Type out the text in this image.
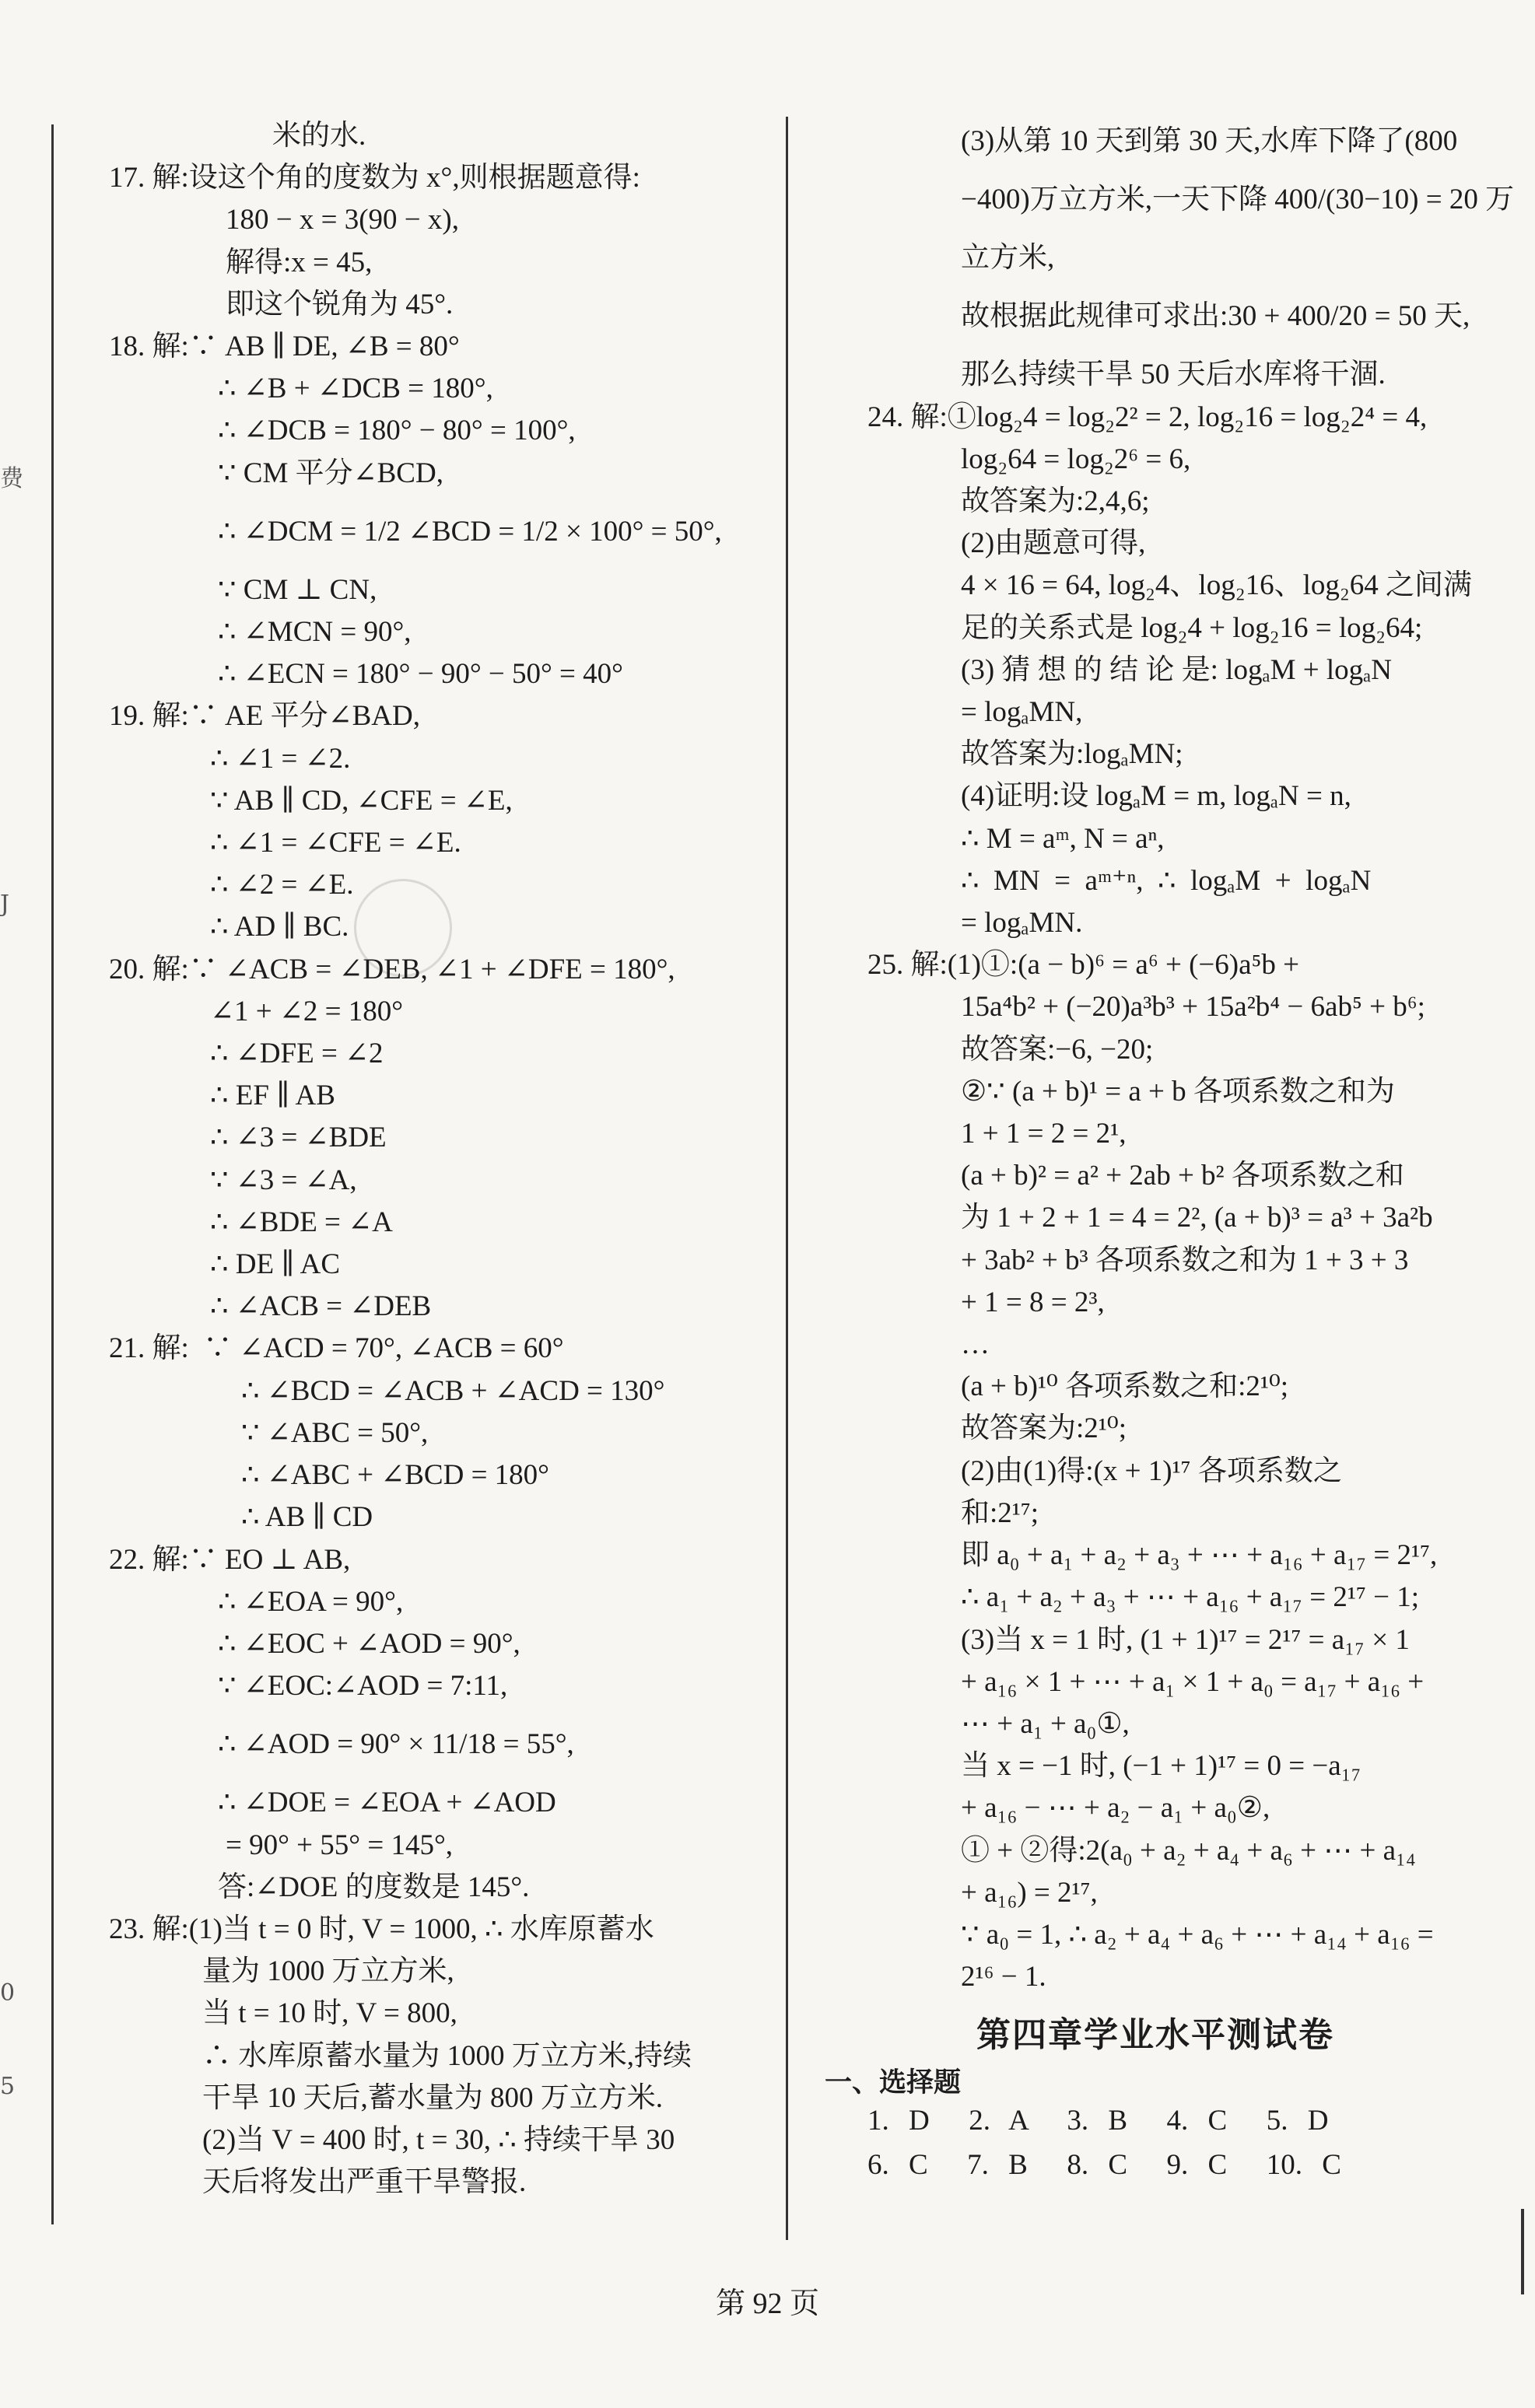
费
J
0
5
米的水.
17. 解:设这个角的度数为 x°,则根据题意得:
180 − x = 3(90 − x),
解得:x = 45,
即这个锐角为 45°.
18. 解:∵ AB ∥ DE, ∠B = 80°
∴ ∠B + ∠DCB = 180°,
∴ ∠DCB = 180° − 80° = 100°,
∵ CM 平分∠BCD,
∴ ∠DCM = 1/2 ∠BCD = 1/2 × 100° = 50°,
∵ CM ⊥ CN,
∴ ∠MCN = 90°,
∴ ∠ECN = 180° − 90° − 50° = 40°
19. 解:∵ AE 平分∠BAD,
∴ ∠1 = ∠2.
∵ AB ∥ CD, ∠CFE = ∠E,
∴ ∠1 = ∠CFE = ∠E.
∴ ∠2 = ∠E.
∴ AD ∥ BC.
20. 解:∵ ∠ACB = ∠DEB, ∠1 + ∠DFE = 180°,
∠1 + ∠2 = 180°
∴ ∠DFE = ∠2
∴ EF ∥ AB
∴ ∠3 = ∠BDE
∵ ∠3 = ∠A,
∴ ∠BDE = ∠A
∴ DE ∥ AC
∴ ∠ACB = ∠DEB
21. 解:  ∵ ∠ACD = 70°, ∠ACB = 60°
∴ ∠BCD = ∠ACB + ∠ACD = 130°
∵ ∠ABC = 50°,
∴ ∠ABC + ∠BCD = 180°
∴ AB ∥ CD
22. 解:∵ EO ⊥ AB,
∴ ∠EOA = 90°,
∴ ∠EOC + ∠AOD = 90°,
∵ ∠EOC:∠AOD = 7:11,
∴ ∠AOD = 90° × 11/18 = 55°,
∴ ∠DOE = ∠EOA + ∠AOD
= 90° + 55° = 145°,
答:∠DOE 的度数是 145°.
23. 解:(1)当 t = 0 时, V = 1000, ∴ 水库原蓄水
量为 1000 万立方米,
当 t = 10 时, V = 800,
∴ 水库原蓄水量为 1000 万立方米,持续
干旱 10 天后,蓄水量为 800 万立方米.
(2)当 V = 400 时, t = 30, ∴ 持续干旱 30
天后将发出严重干旱警报.
(3)从第 10 天到第 30 天,水库下降了(800
−400)万立方米,一天下降 400/(30−10) = 20 万
立方米,
故根据此规律可求出:30 + 400/20 = 50 天,
那么持续干旱 50 天后水库将干涸.
24. 解:①log₂4 = log₂2² = 2, log₂16 = log₂2⁴ = 4,
log₂64 = log₂2⁶ = 6,
故答案为:2,4,6;
(2)由题意可得,
4 × 16 = 64, log₂4、log₂16、log₂64 之间满
足的关系式是 log₂4 + log₂16 = log₂64;
(3) 猜 想 的 结 论 是: logₐM + logₐN
= logₐMN,
故答案为:logₐMN;
(4)证明:设 logₐM = m, logₐN = n,
∴ M = aᵐ, N = aⁿ,
∴  MN  =  aᵐ⁺ⁿ,  ∴  logₐM  +  logₐN
= logₐMN.
25. 解:(1)①:(a − b)⁶ = a⁶ + (−6)a⁵b +
15a⁴b² + (−20)a³b³ + 15a²b⁴ − 6ab⁵ + b⁶;
故答案:−6, −20;
②∵ (a + b)¹ = a + b 各项系数之和为
1 + 1 = 2 = 2¹,
(a + b)² = a² + 2ab + b² 各项系数之和
为 1 + 2 + 1 = 4 = 2², (a + b)³ = a³ + 3a²b
+ 3ab² + b³ 各项系数之和为 1 + 3 + 3
+ 1 = 8 = 2³,
…
(a + b)¹⁰ 各项系数之和:2¹⁰;
故答案为:2¹⁰;
(2)由(1)得:(x + 1)¹⁷ 各项系数之
和:2¹⁷;
即 a₀ + a₁ + a₂ + a₃ + ⋯ + a₁₆ + a₁₇ = 2¹⁷,
∴ a₁ + a₂ + a₃ + ⋯ + a₁₆ + a₁₇ = 2¹⁷ − 1;
(3)当 x = 1 时, (1 + 1)¹⁷ = 2¹⁷ = a₁₇ × 1
+ a₁₆ × 1 + ⋯ + a₁ × 1 + a₀ = a₁₇ + a₁₆ +
⋯ + a₁ + a₀①,
当 x = −1 时, (−1 + 1)¹⁷ = 0 = −a₁₇
+ a₁₆ − ⋯ + a₂ − a₁ + a₀②,
① + ②得:2(a₀ + a₂ + a₄ + a₆ + ⋯ + a₁₄
+ a₁₆) = 2¹⁷,
∵ a₀ = 1, ∴ a₂ + a₄ + a₆ + ⋯ + a₁₄ + a₁₆ =
2¹⁶ − 1.
第四章学业水平测试卷
一、选择题
1. D  2. A  3. B  4. C  5. D
6. C  7. B  8. C  9. C  10. C
第 92 页
